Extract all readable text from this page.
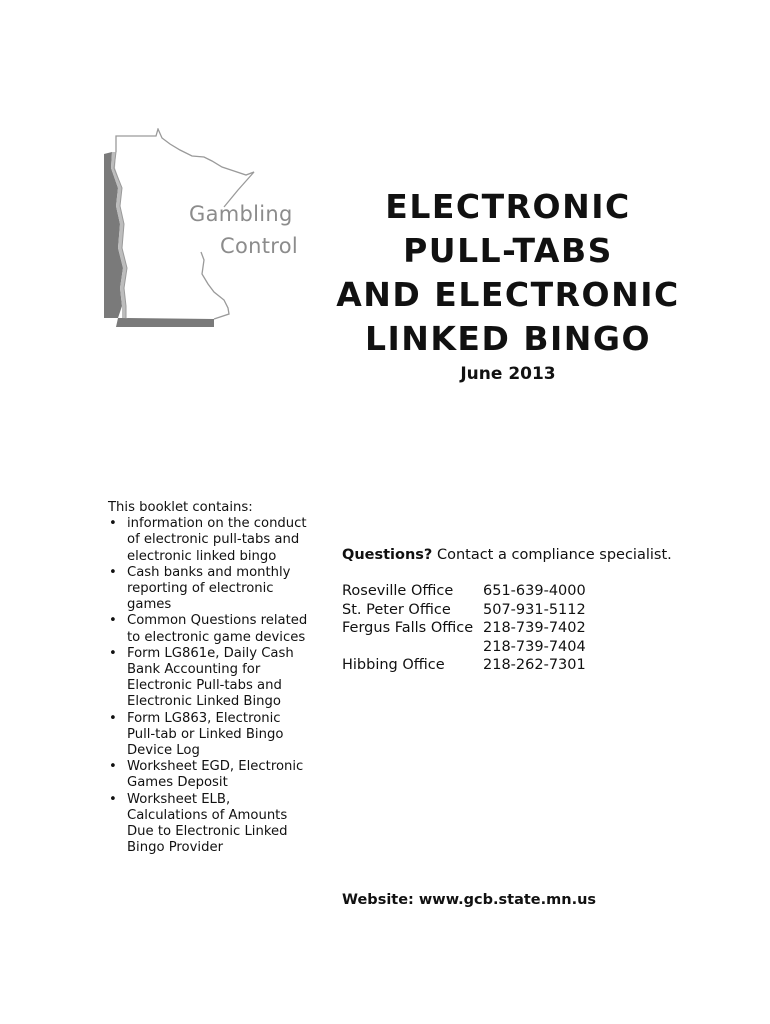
Gambling
Control
ELECTRONIC
PULL-TABS
AND ELECTRONIC
LINKED BINGO
June 2013
This booklet contains:
• information on the conduct of electronic pull-tabs and electronic linked bingo
• Cash banks and monthly reporting of electronic games
• Common Questions related to electronic game devices
• Form LG861e, Daily Cash Bank Accounting for Electronic Pull-tabs and Electronic Linked Bingo
• Form LG863, Electronic Pull-tab or Linked Bingo Device Log
• Worksheet EGD, Electronic Games Deposit
• Worksheet ELB, Calculations of Amounts Due to Electronic Linked Bingo Provider
Questions? Contact a compliance specialist.
Roseville Office	651-639-4000
St. Peter Office	507-931-5112
Fergus Falls Office 218-739-7402
218-739-7404
Hibbing Office	218-262-7301
Website: www.gcb.state.mn.us
